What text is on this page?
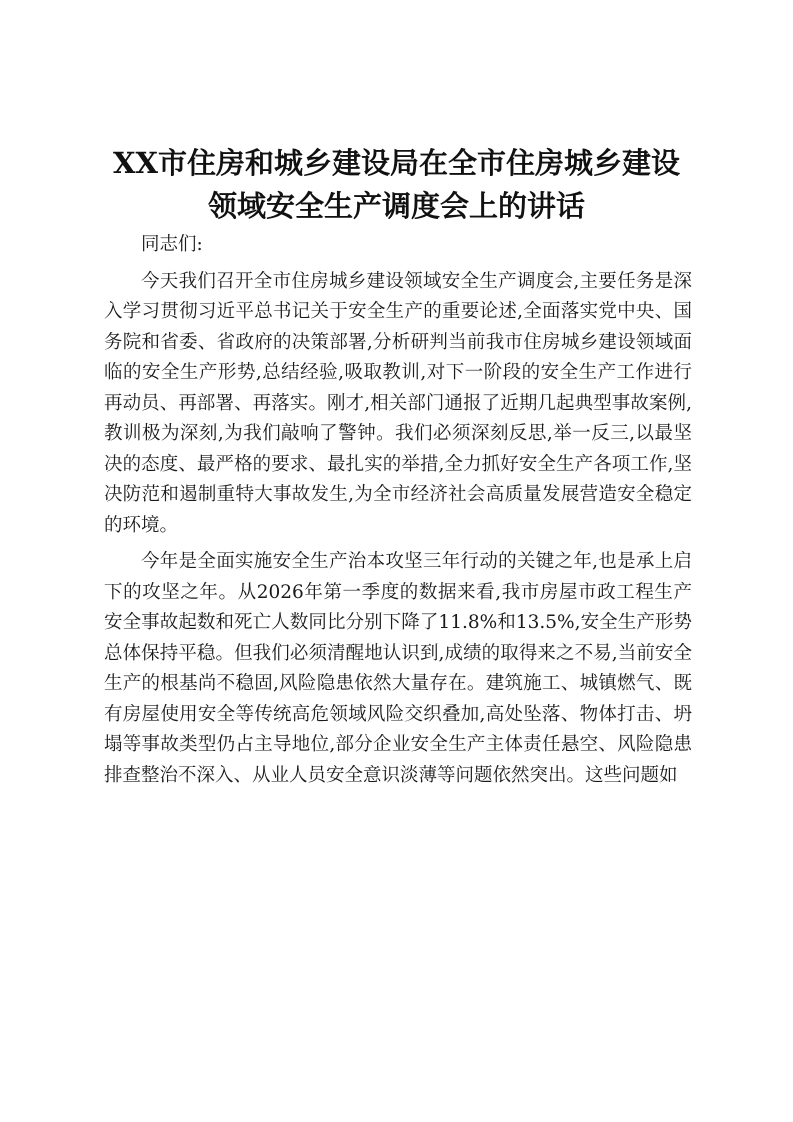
XX市住房和城乡建设局在全市住房城乡建设
领域安全生产调度会上的讲话

同志们:

今天我们召开全市住房城乡建设领域安全生产调度会,主要任务是深入学习贯彻习近平总书记关于安全生产的重要论述,全面落实党中央、国务院和省委、省政府的决策部署,分析研判当前我市住房城乡建设领域面临的安全生产形势,总结经验,吸取教训,对下一阶段的安全生产工作进行再动员、再部署、再落实。刚才,相关部门通报了近期几起典型事故案例,教训极为深刻,为我们敲响了警钟。我们必须深刻反思,举一反三,以最坚决的态度、最严格的要求、最扎实的举措,全力抓好安全生产各项工作,坚决防范和遏制重特大事故发生,为全市经济社会高质量发展营造安全稳定的环境。

今年是全面实施安全生产治本攻坚三年行动的关键之年,也是承上启下的攻坚之年。从2026年第一季度的数据来看,我市房屋市政工程生产安全事故起数和死亡人数同比分别下降了11.8%和13.5%,安全生产形势总体保持平稳。但我们必须清醒地认识到,成绩的取得来之不易,当前安全生产的根基尚不稳固,风险隐患依然大量存在。建筑施工、城镇燃气、既有房屋使用安全等传统高危领域风险交织叠加,高处坠落、物体打击、坍塌等事故类型仍占主导地位,部分企业安全生产主体责任悬空、风险隐患排查整治不深入、从业人员安全意识淡薄等问题依然突出。这些问题如
